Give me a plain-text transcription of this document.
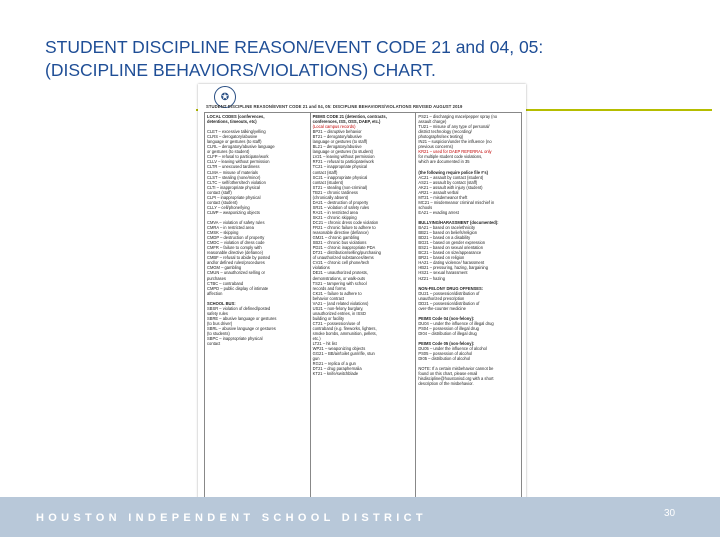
STUDENT DISCIPLINE REASON/EVENT CODE 21 and 04, 05:
(DISCIPLINE BEHAVIORS/VIOLATIONS) CHART.
✪
STUDENT DISCIPLINE REASON/EVENT CODE 21 and 04, 05: DISCIPLINE BEHAVIORS/VIOLATIONS REVISED AUGUST 2019
LOCAL CODES (conferences,
detentions, timeouts, etc)
CLET – excessive talking/yelling
CLRS – derogatory/abusive
language or gestures (to staff)
CLRL – derogatory/abusive language
or gestures (to student)
CLFP – refusal to participate/work
CLLV – leaving without permission
CLTR – unexcused tardiness
CLMA – misuse of materials
CLST – stealing (none/minor)
CLTC – self/others/tech violation
CLTI – inappropriate physical
contact (staff)
CLPI – inappropriate physical
contact (student)
CLLY – cell/phone/lying
CLWP – weaponizing objects
CMVA – violation of safety rules
CMRA – in restricted area
CMSK – skipping
CMDP – destruction of property
CMDC – violation of dress code
CMFR – failure to comply with
reasonable directive (defiance)
CMBF – refusal to abide by posted
and/or defined rules/procedures
CMGM – gambling
CMUN – unauthorized selling or
purchases
CTBC – contraband
CMPD – public display of intimate
affection
SCHOOL BUS:
SBSR – violation of defined/posted
safety rules
SBRE – abusive language or gestures
(to bus driver)
SBRL – abusive language or gestures
(to students)
SBPC – inappropriate physical
contact
PEIMS CODE 21 (detention, contracts,
conferences, ISS, OSS, DAEP, etc.)
(Local campus records)
BP21 – disruptive behavior
BT21 – derogatory/abusive
language or gestures (to staff)
BL21 – derogatory/abusive
language or gestures (to student)
LV21 – leaving without permission
RF21 – refusal to participate/work
TC21 – inappropriate physical
contact (staff)
SC21 – inappropriate physical
contact (student)
ST21 – stealing (non-criminal)
TB21 – chronic tardiness
(chronically absent)
DA21 – destruction of property
SR21 – violation of safety rules
RA21 – in restricted area
SK21 – chronic skipping
DC21 – chronic dress code violation
FR21 – chronic failure to adhere to
reasonable directive (defiance)
GM21 – chronic gambling
SB21 – chronic bus violations
PD21 – chronic inappropriate PDA
DT21 – distribution/selling/purchasing
of unauthorized substances/items
CV21 – chronic cell phone/tech
violations
DE21 – unauthorized protests,
demonstrations, or walk-outs
TS21 – tampering with school
records and forms
CK21 – failure to adhere to
behavior contract
VA21 – (and related violations)
US21 – non-felony burglary,
unauthorized entries, in ISSD
building or facility
CT21 – possession/use of
contraband (e.g. fireworks, lighters,
smoke bombs, ammunition, pellets,
etc.)
LT21 – hit list
WP21 – weaponizing objects
GG21 – BB/air/toilet gun/rifle, stun
gun
RG21 – replica of a gun
DT21 – drug paraphernalia
KT21 – knife/switchblade
PS21 – discharging mace/pepper spray (no
assault charge)
TU21 – misuse of any type of personal/
district technology (recording/
photographs/sex texting)
IN21 – suspicion/under the influence (no
previous concerns)
KR21 – used for DAEP REFERRAL only
for multiple student code violations,
which are documented in 35
(the following require police file #'s)
AC21 – assault by contact (student)
AS21 – assault by contact (staff)
AK21 – assault with injury (student)
AR21 – assault verbal
MT21 – misdemeanor theft
MC21 – misdemeanor criminal mischief in
schools
EA21 – evading arrest
BULLYING/HARASSMENT (documented):
BA21 – based on race/ethnicity
BB21 – based on beliefs/religion
BD21 – based on a disability
BG21 – based on gender expression
BS21 – based on sexual orientation
BC21 – based on size/appearance
BR21 – based on religion
HA21 – dating violence/ harassment
HB21 – pressuring, hazing, bargaining
HS21 – sexual harassment
HZ21 – hazing
NON-FELONY DRUG OFFENSES:
DU21 – possession/distribution of
unauthorized prescription
DD21 – possession/distribution of
over-the-counter medicine
PEIMS Code 04 (non-felony):
DU04 – under the influence of illegal drug
PS04 – possession of illegal drug
DI04 – distribution of illegal drug
PEIMS Code 05 (non-felony):
DU05 – under the influence of alcohol
PS05 – possession of alcohol
DI05 – distribution of alcohol
NOTE: If a certain misbehavior cannot be
found on this chart, please email
hisdiscipline@houstonisd.org with a short
description of the misbehavior.
HOUSTON INDEPENDENT SCHOOL DISTRICT	30
